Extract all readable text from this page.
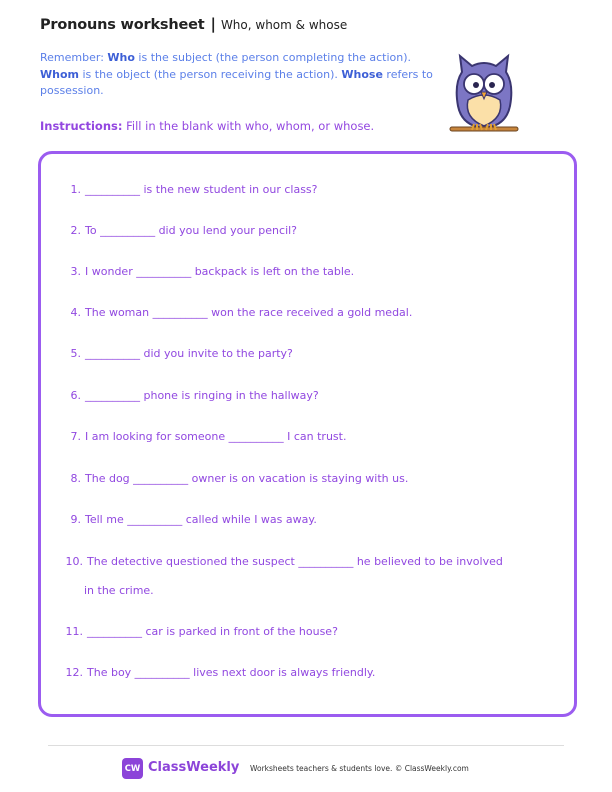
Pronouns worksheet | Who, whom & whose
Remember: Who is the subject (the person completing the action). Whom is the object (the person receiving the action). Whose refers to possession.
Instructions: Fill in the blank with who, whom, or whose.
1. __________ is the new student in our class?
2. To __________ did you lend your pencil?
3. I wonder __________ backpack is left on the table.
4. The woman __________ won the race received a gold medal.
5. __________ did you invite to the party?
6. __________ phone is ringing in the hallway?
7. I am looking for someone __________ I can trust.
8. The dog __________ owner is on vacation is staying with us.
9. Tell me __________ called while I was away.
10. The detective questioned the suspect __________ he believed to be involved
in the crime.
11. __________ car is parked in front of the house?
12. The boy __________ lives next door is always friendly.
CW ClassWeekly Worksheets teachers & students love. © ClassWeekly.com
